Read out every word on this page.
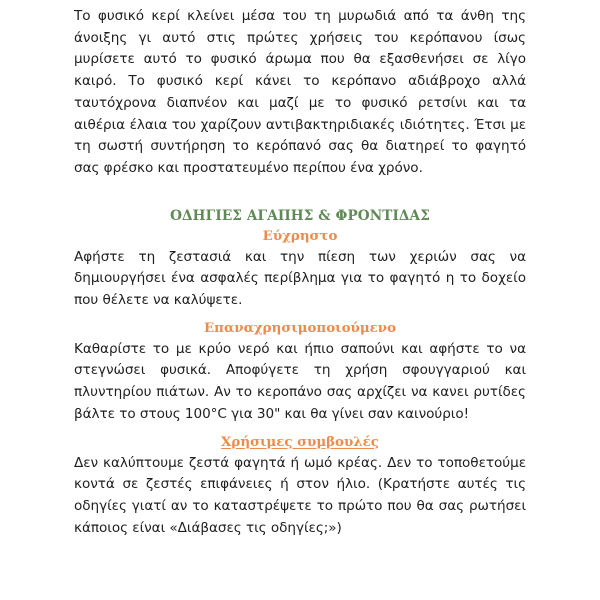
Το φυσικό κερί κλείνει μέσα του τη μυρωδιά από τα άνθη της άνοιξης γι αυτό στις πρώτες χρήσεις του κερόπανου ίσως μυρίσετε αυτό το φυσικό άρωμα που θα εξασθενήσει σε λίγο καιρό. Το φυσικό κερί κάνει το κερόπανο αδιάβροχο αλλά ταυτόχρονα διαπνέον και μαζί με το φυσικό ρετσίνι και τα αιθέρια έλαια του χαρίζουν αντιβακτηριδιακές ιδιότητες. Έτσι με τη σωστή συντήρηση το κερόπανό σας θα διατηρεί το φαγητό σας φρέσκο και προστατευμένο περίπου ένα χρόνο.

ΟΔΗΓΙΕΣ ΑΓΑΠΗΣ & ΦΡΟΝΤΙΔΑΣ
Εύχρηστο

Αφήστε τη ζεστασιά και την πίεση των χεριών σας να δημιουργήσει ένα ασφαλές περίβλημα για το φαγητό η το δοχείο που θέλετε να καλύψετε.

Επαναχρησιμοποιούμενο

Καθαρίστε το με κρύο νερό και ήπιο σαπούνι και αφήστε το να στεγνώσει φυσικά. Αποφύγετε τη χρήση σφουγγαριού και πλυντηρίου πιάτων. Αν το κεροπάνο σας αρχίζει να κανει ρυτίδες βάλτε το στους 100°C για 30" και θα γίνει σαν καινούριο!

Χρήσιμες συμβουλές

Δεν καλύπτουμε ζεστά φαγητά ή ωμό κρέας. Δεν το τοποθετούμε κοντά σε ζεστές επιφάνειες ή στον ήλιο. (Κρατήστε αυτές τις οδηγίες γιατί αν το καταστρέψετε το πρώτο που θα σας ρωτήσει κάποιος είναι «Διάβασες τις οδηγίες;»)
